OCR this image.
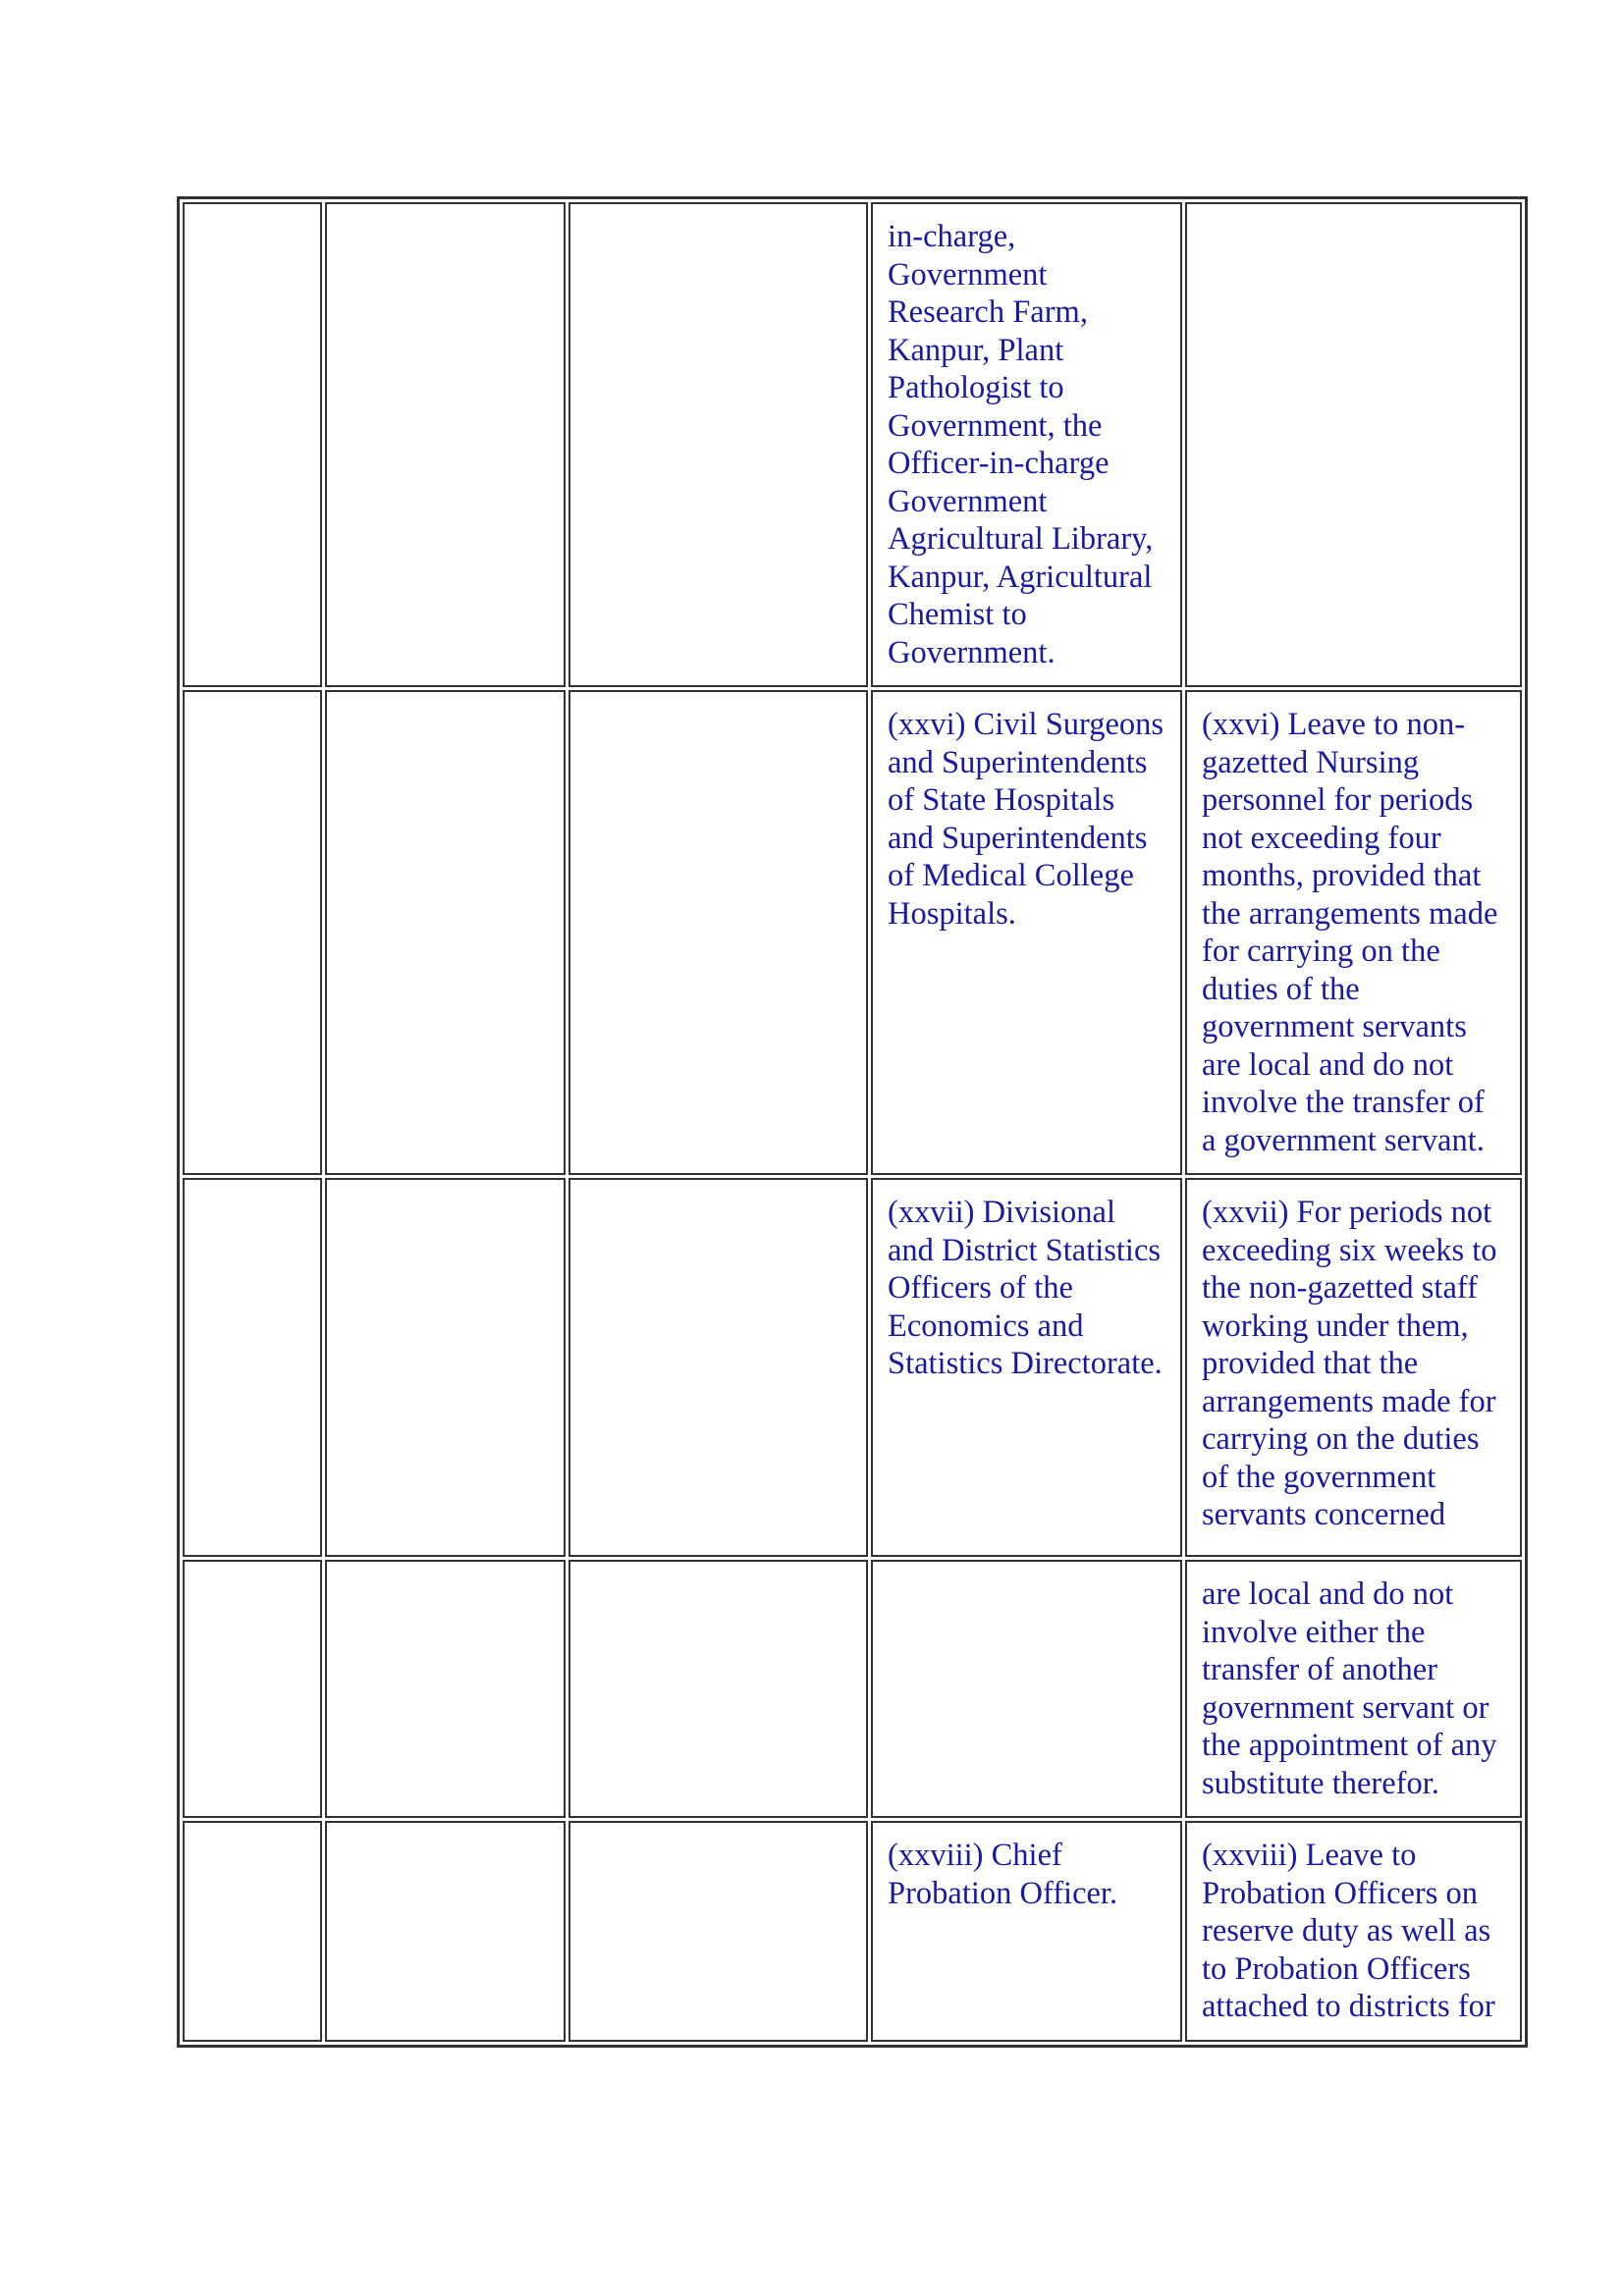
			in-charge, Government Research Farm, Kanpur, Plant Pathologist to Government, the Officer-in-charge Government Agricultural Library, Kanpur, Agricultural Chemist to Government.	
			(xxvi) Civil Surgeons and Superintendents of State Hospitals and Superintendents of Medical College Hospitals.	(xxvi) Leave to non-gazetted Nursing personnel for periods not exceeding four months, provided that the arrangements made for carrying on the duties of the government servants are local and do not involve the transfer of a government servant.
			(xxvii) Divisional and District Statistics Officers of the Economics and Statistics Directorate.	(xxvii) For periods not exceeding six weeks to the non-gazetted staff working under them, provided that the arrangements made for carrying on the duties of the government servants concerned
				are local and do not involve either the transfer of another government servant or the appointment of any substitute therefor.
			(xxviii) Chief Probation Officer.	(xxviii) Leave to Probation Officers on reserve duty as well as to Probation Officers attached to districts for
